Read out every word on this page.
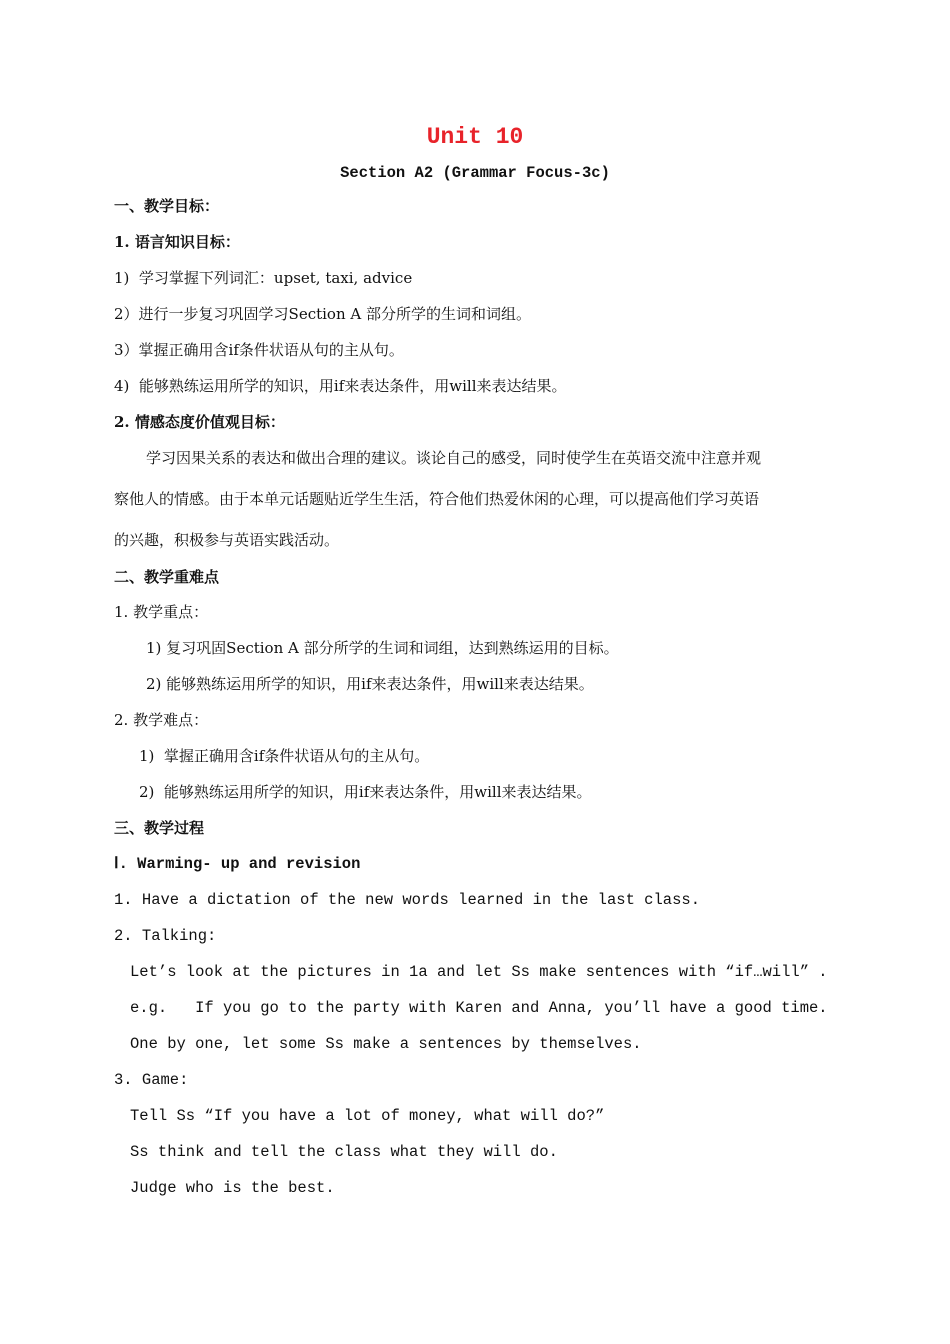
Unit 10
Section A2 (Grammar Focus-3c)
一、教学目标：
1. 语言知识目标：
1)  学习掌握下列词汇：upset, taxi, advice
2）进行一步复习巩固学习Section A 部分所学的生词和词组。
3）掌握正确用含if条件状语从句的主从句。
4)  能够熟练运用所学的知识，用if来表达条件，用will来表达结果。
2. 情感态度价值观目标：
学习因果关系的表达和做出合理的建议。谈论自己的感受，同时使学生在英语交流中注意并观
察他人的情感。由于本单元话题贴近学生生活，符合他们热爱休闲的心理，可以提高他们学习英语
的兴趣，积极参与英语实践活动。
二、教学重难点
1. 教学重点：
1) 复习巩固Section A 部分所学的生词和词组，达到熟练运用的目标。
2) 能够熟练运用所学的知识，用if来表达条件，用will来表达结果。
2. 教学难点：
1)  掌握正确用含if条件状语从句的主从句。
2)  能够熟练运用所学的知识，用if来表达条件，用will来表达结果。
三、教学过程
Ⅰ. Warming- up and revision
1. Have a dictation of the new words learned in the last class.
2. Talking:
Let’s look at the pictures in 1a and let Ss make sentences with “if…will” .
e.g.   If you go to the party with Karen and Anna, you’ll have a good time.
One by one, let some Ss make a sentences by themselves.
3. Game:
Tell Ss “If you have a lot of money, what will do?”
Ss think and tell the class what they will do.
Judge who is the best.
